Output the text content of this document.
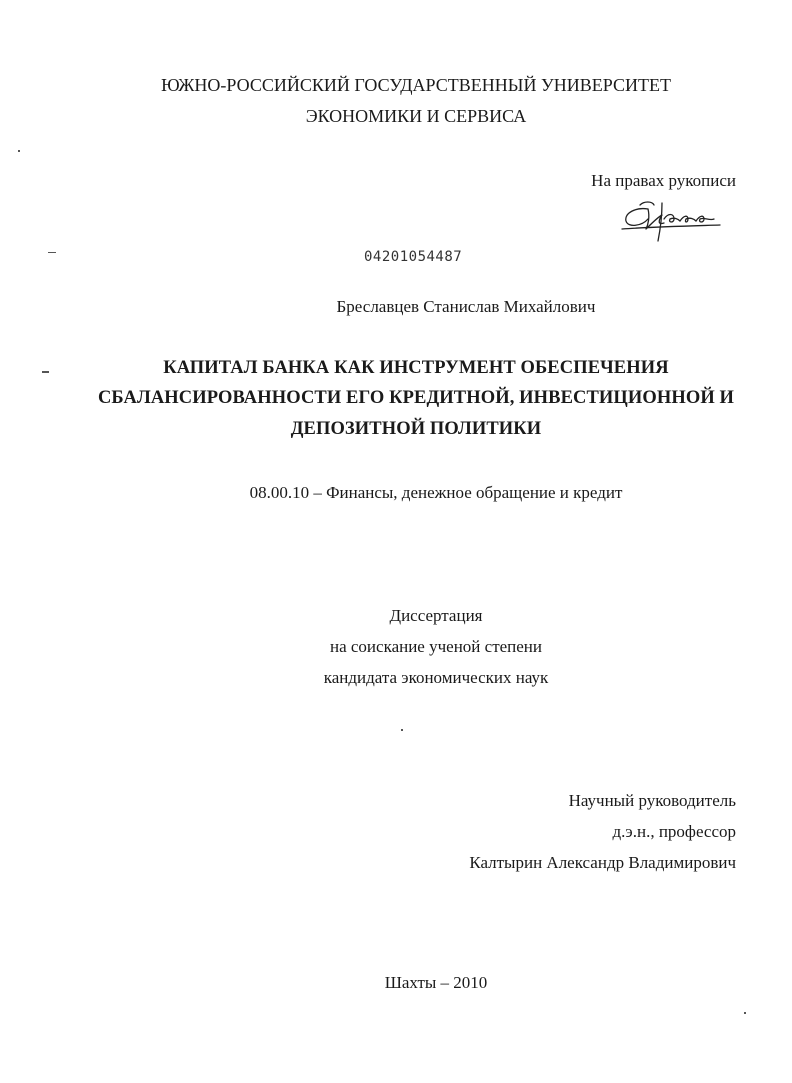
ЮЖНО-РОССИЙСКИЙ ГОСУДАРСТВЕННЫЙ УНИВЕРСИТЕТ
ЭКОНОМИКИ И СЕРВИСА
На правах рукописи
04201054487
Бреславцев Станислав Михайлович
КАПИТАЛ БАНКА КАК ИНСТРУМЕНТ ОБЕСПЕЧЕНИЯ
СБАЛАНСИРОВАННОСТИ ЕГО КРЕДИТНОЙ, ИНВЕСТИЦИОННОЙ И
ДЕПОЗИТНОЙ ПОЛИТИКИ
08.00.10 – Финансы, денежное обращение и кредит
Диссертация
на соискание ученой степени
кандидата экономических наук
Научный руководитель
д.э.н., профессор
Калтырин Александр Владимирович
Шахты – 2010
